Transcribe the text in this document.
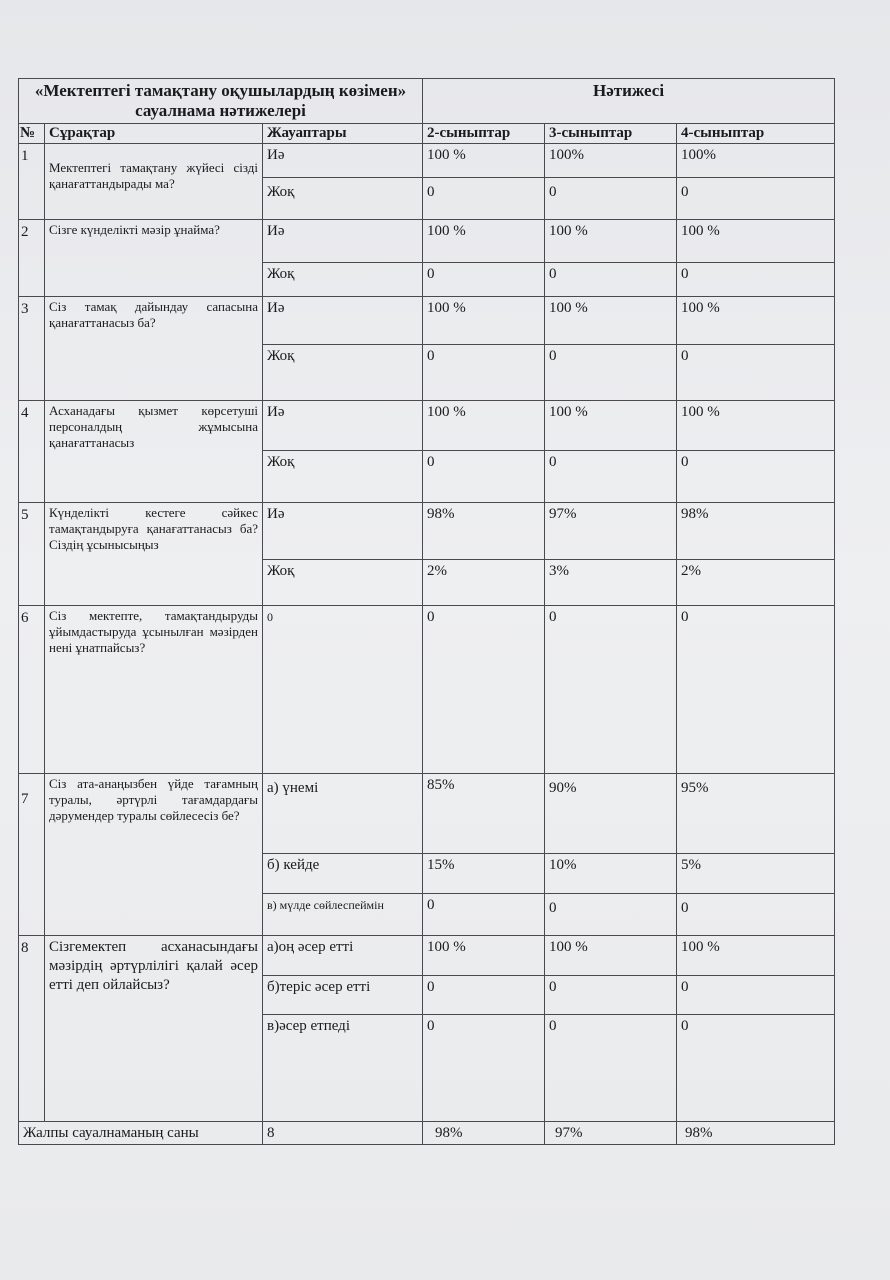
«Мектептегі тамақтану оқушылардың көзімен» сауалнама нәтижелері			Нәтижесі		
№	Сұрақтар	Жауаптары	2-сыныптар	3-сыныптар	4-сыныптар
1	Мектептегі тамақтану жүйесі сізді қанағаттандырады ма?	Иә	100 %	100%	100%
		Жоқ	0	0	0
2	Сізге күнделікті мәзір ұнайма?	Иә	100 %	100 %	100 %
		Жоқ	0	0	0
3	Сіз тамақ дайындау сапасына қанағаттанасыз ба?	Иә	100 %	100 %	100 %
		Жоқ	0	0	0
4	Асханадағы қызмет көрсетуші персоналдың жұмысына қанағаттанасыз	Иә	100 %	100 %	100 %
		Жоқ	0	0	0
5	Күнделікті кестеге сәйкес тамақтандыруға қанағаттанасыз ба? Сіздің ұсынысыңыз	Иә	98%	97%	98%
		Жоқ	2%	3%	2%
6	Сіз мектепте, тамақтандыруды ұйымдастыруда ұсынылған мәзірден нені ұнатпайсыз?	0	0	0	0
7	Сіз ата-анаңызбен үйде тағамның туралы, әртүрлі тағамдардағы дәрумендер туралы сөйлесесіз бе?	а) үнемі	85%	90%	95%
		б) кейде	15%	10%	5%
		в) мүлде сөйлеспеймін	0	0	0
8	Сізгемектеп асханасындағы мәзірдің әртүрлілігі қалай әсер етті деп ойлайсыз?	а)оң әсер етті	100 %	100 %	100 %
		б)теріс әсер етті	0	0	0
		в)әсер етпеді	0	0	0
Жалпы сауалнаманың саны		8	98%	97%	98%
